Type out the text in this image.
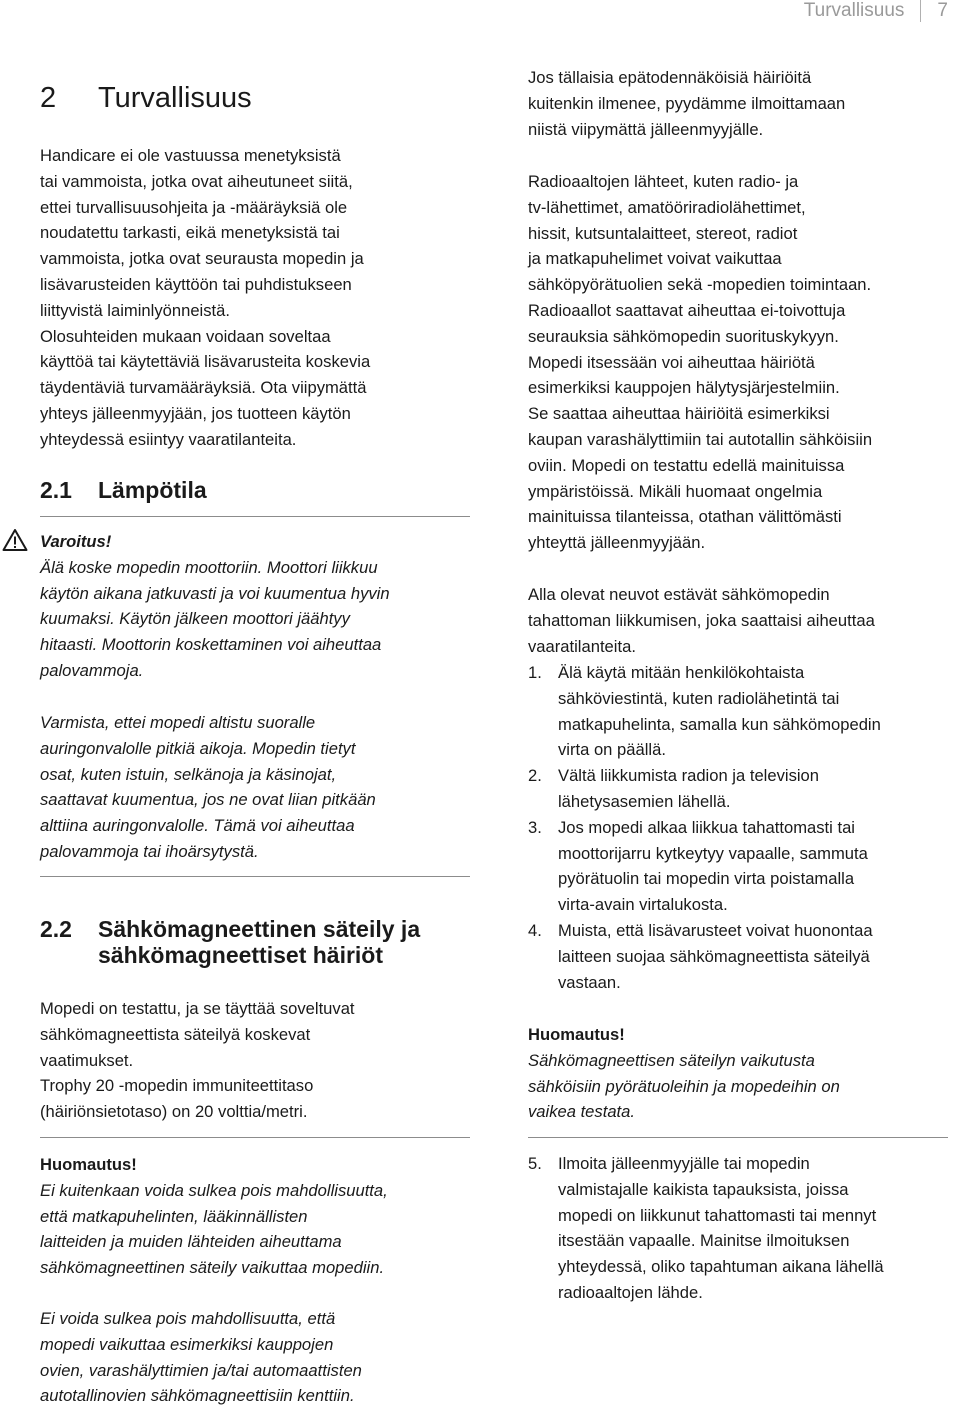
Turvallisuus 7
2 Turvallisuus

Handicare ei ole vastuussa menetyksistä

tai vammoista, jotka ovat aiheutuneet siitä,

ettei turvallisuusohjeita ja -määräyksiä ole

noudatettu tarkasti, eikä menetyksistä tai

vammoista, jotka ovat seurausta mopedin ja

lisävarusteiden käyttöön tai puhdistukseen

liittyvistä laiminlyönneistä.

Olosuhteiden mukaan voidaan soveltaa

käyttöä tai käytettäviä lisävarusteita koskevia

täydentäviä turvamääräyksiä. Ota viipymättä

yhteys jälleenmyyjään, jos tuotteen käytön

yhteydessä esiintyy vaaratilanteita.

2.1 Lämpötila

Varoitus!

Älä koske mopedin moottoriin. Moottori liikkuu

käytön aikana jatkuvasti ja voi kuumentua hyvin

kuumaksi. Käytön jälkeen moottori jäähtyy

hitaasti. Moottorin koskettaminen voi aiheuttaa

palovammoja.

Varmista, ettei mopedi altistu suoralle

auringonvalolle pitkiä aikoja. Mopedin tietyt

osat, kuten istuin, selkänoja ja käsinojat,

saattavat kuumentua, jos ne ovat liian pitkään

alttiina auringonvalolle. Tämä voi aiheuttaa

palovammoja tai ihoärsytystä.

2.2 Sähkömagneettinen säteily ja
sähkömagneettiset häiriöt

Mopedi on testattu, ja se täyttää soveltuvat

sähkömagneettista säteilyä koskevat

vaatimukset.

Trophy 20 -mopedin immuniteettitaso

(häiriönsietotaso) on 20 volttia/metri.

Huomautus!

Ei kuitenkaan voida sulkea pois mahdollisuutta,

että matkapuhelinten, lääkinnällisten

laitteiden ja muiden lähteiden aiheuttama

sähkömagneettinen säteily vaikuttaa mopediin.

Ei voida sulkea pois mahdollisuutta, että

mopedi vaikuttaa esimerkiksi kauppojen

ovien, varashälyttimien ja/tai automaattisten

autotallinovien sähkömagneettisiin kenttiin.

Jos tällaisia epätodennäköisiä häiriöitä

kuitenkin ilmenee, pyydämme ilmoittamaan

niistä viipymättä jälleenmyyjälle.

Radioaaltojen lähteet, kuten radio- ja

tv-lähettimet, amatööriradiolähettimet,

hissit, kutsuntalaitteet, stereot, radiot

ja matkapuhelimet voivat vaikuttaa

sähköpyörätuolien sekä -mopedien toimintaan.

Radioaallot saattavat aiheuttaa ei-toivottuja

seurauksia sähkömopedin suorituskykyyn.

Mopedi itsessään voi aiheuttaa häiriötä

esimerkiksi kauppojen hälytysjärjestelmiin.

Se saattaa aiheuttaa häiriöitä esimerkiksi

kaupan varashälyttimiin tai autotallin sähköisiin

oviin. Mopedi on testattu edellä mainituissa

ympäristöissä. Mikäli huomaat ongelmia

mainituissa tilanteissa, otathan välittömästi

yhteyttä jälleenmyyjään.

Alla olevat neuvot estävät sähkömopedin

tahattoman liikkumisen, joka saattaisi aiheuttaa

vaaratilanteita.

1. Älä käytä mitään henkilökohtaista
sähköviestintä, kuten radiolähetintä tai
matkapuhelinta, samalla kun sähkömopedin
virta on päällä.
2. Vältä liikkumista radion ja television
lähetysasemien lähellä.
3. Jos mopedi alkaa liikkua tahattomasti tai
moottorijarru kytkeytyy vapaalle, sammuta
pyörätuolin tai mopedin virta poistamalla
virta-avain virtalukosta.
4. Muista, että lisävarusteet voivat huonontaa
laitteen suojaa sähkömagneettista säteilyä
vastaan.

Huomautus!

Sähkömagneettisen säteilyn vaikutusta

sähköisiin pyörätuoleihin ja mopedeihin on

vaikea testata.

5. Ilmoita jälleenmyyjälle tai mopedin
valmistajalle kaikista tapauksista, joissa
mopedi on liikkunut tahattomasti tai mennyt
itsestään vapaalle. Mainitse ilmoituksen
yhteydessä, oliko tapahtuman aikana lähellä
radioaaltojen lähde.
